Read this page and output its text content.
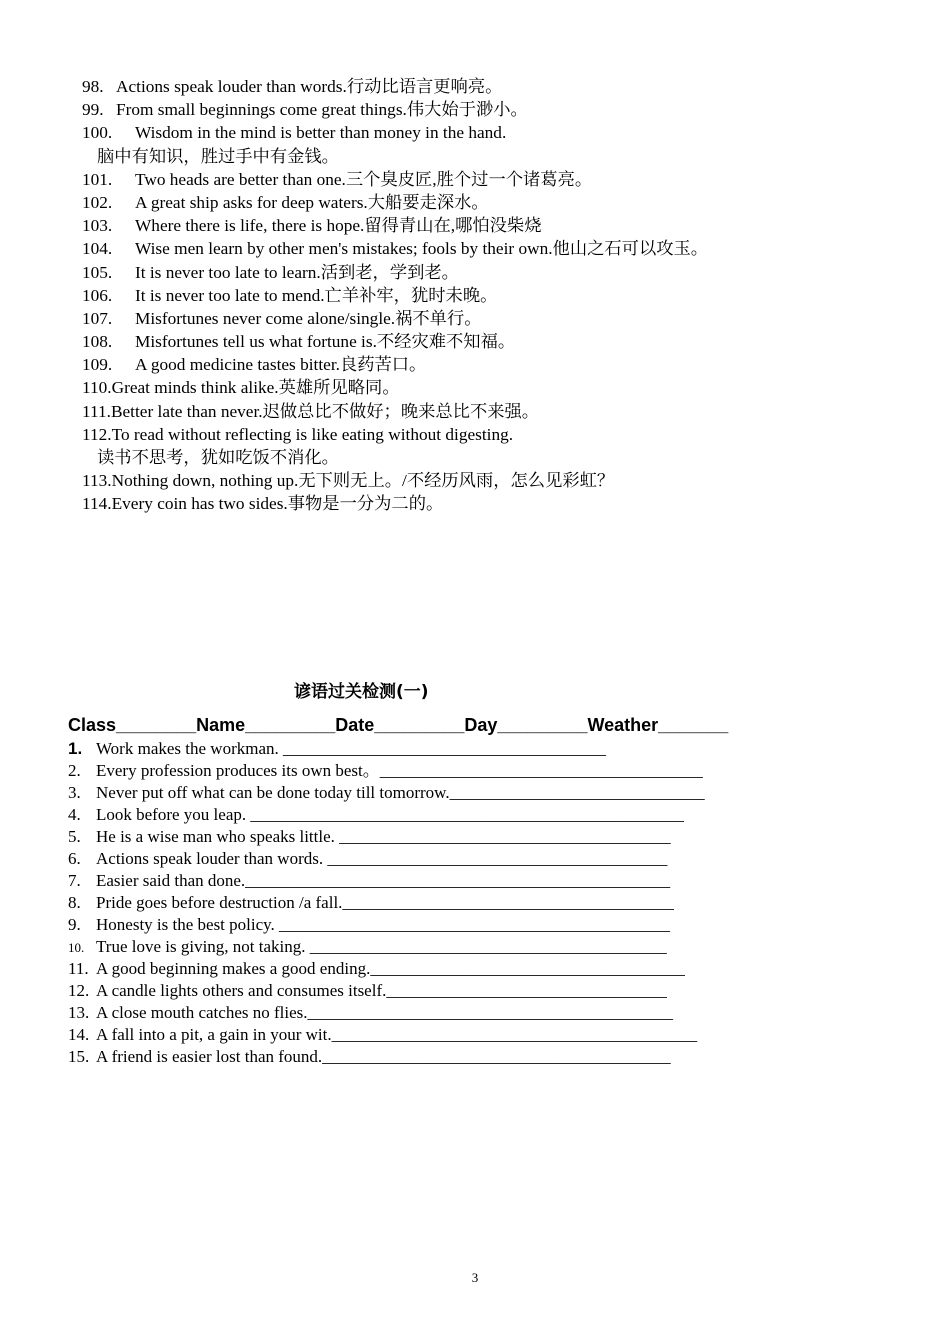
98. Actions speak louder than words.行动比语言更响亮。
99. From small beginnings come great things.伟大始于渺小。
100. Wisdom in the mind is better than money in the hand.
脑中有知识，胜过手中有金钱。
101. Two heads are better than one.三个臭皮匠,胜个过一个诸葛亮。
102. A great ship asks for deep waters.大船要走深水。
103. Where there is life, there is hope.留得青山在,哪怕没柴烧
104. Wise men learn by other men's mistakes; fools by their own.他山之石可以攻玉。
105. It is never too late to learn.活到老，学到老。
106. It is never too late to mend.亡羊补牢，犹时未晚。
107. Misfortunes never come alone/single.祸不单行。
108. Misfortunes tell us what fortune is.不经灾难不知福。
109. A good medicine tastes bitter.良药苦口。
110.Great minds think alike.英雄所见略同。
111.Better late than never.迟做总比不做好；晚来总比不来强。
112.To read without reflecting is like eating without digesting.
读书不思考，犹如吃饭不消化。
113.Nothing down, nothing up.无下则无上。/不经历风雨，怎么见彩虹？
114.Every coin has two sides.事物是一分为二的。
谚语过关检测(一)
Class________Name_________Date_________Day_________Weather_______
1. Work makes the workman. ______________________________________
2. Every profession produces its own best。______________________________________
3. Never put off what can be done today till tomorrow.______________________________
4. Look before you leap. ___________________________________________________
5. He is a wise man who speaks little. _______________________________________
6. Actions speak louder than words. ________________________________________
7. Easier said than done.__________________________________________________
8. Pride goes before destruction /a fall._______________________________________
9. Honesty is the best policy. ______________________________________________
10. True love is giving, not taking. __________________________________________
11. A good beginning makes a good ending._____________________________________
12. A candle lights others and consumes itself._________________________________
13. A close mouth catches no flies.___________________________________________
14. A fall into a pit, a gain in your wit.___________________________________________
15. A friend is easier lost than found._________________________________________
3
